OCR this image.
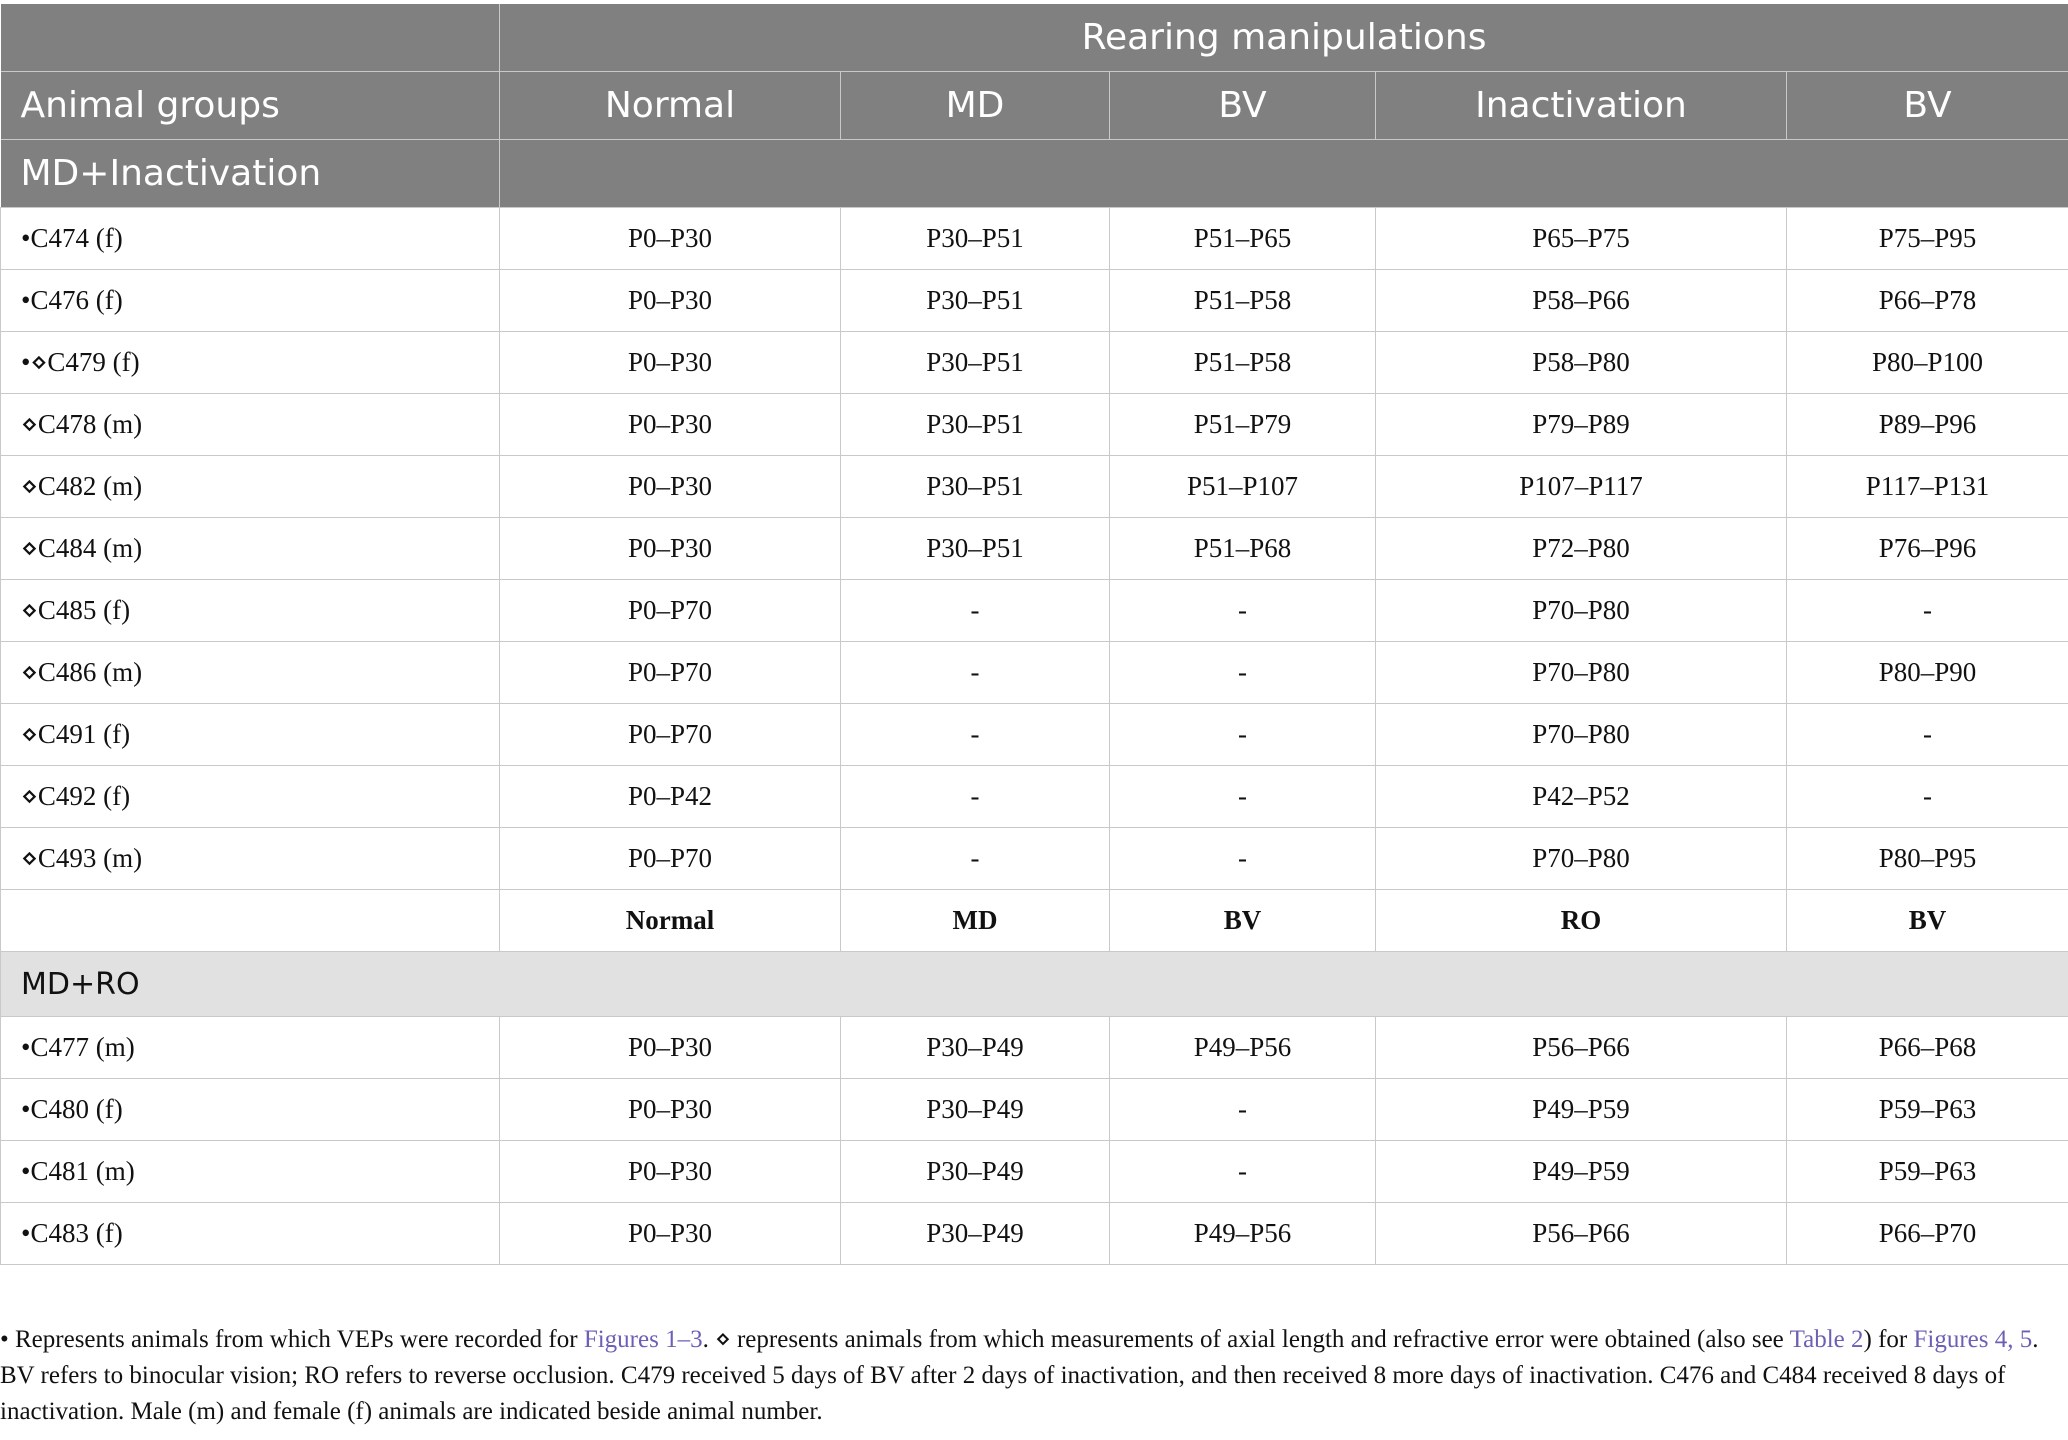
	Rearing manipulations				
Animal groups	Normal	MD	BV	Inactivation	BV
MD+Inactivation					
•C474 (f)	P0–P30	P30–P51	P51–P65	P65–P75	P75–P95
•C476 (f)	P0–P30	P30–P51	P51–P58	P58–P66	P66–P78
•⋄C479 (f)	P0–P30	P30–P51	P51–P58	P58–P80	P80–P100
⋄C478 (m)	P0–P30	P30–P51	P51–P79	P79–P89	P89–P96
⋄C482 (m)	P0–P30	P30–P51	P51–P107	P107–P117	P117–P131
⋄C484 (m)	P0–P30	P30–P51	P51–P68	P72–P80	P76–P96
⋄C485 (f)	P0–P70	-	-	P70–P80	-
⋄C486 (m)	P0–P70	-	-	P70–P80	P80–P90
⋄C491 (f)	P0–P70	-	-	P70–P80	-
⋄C492 (f)	P0–P42	-	-	P42–P52	-
⋄C493 (m)	P0–P70	-	-	P70–P80	P80–P95
	Normal	MD	BV	RO	BV
MD+RO					
•C477 (m)	P0–P30	P30–P49	P49–P56	P56–P66	P66–P68
•C480 (f)	P0–P30	P30–P49	-	P49–P59	P59–P63
•C481 (m)	P0–P30	P30–P49	-	P49–P59	P59–P63
•C483 (f)	P0–P30	P30–P49	P49–P56	P56–P66	P66–P70
• Represents animals from which VEPs were recorded for Figures 1–3. ⋄ represents animals from which measurements of axial length and refractive error were obtained (also see Table 2) for Figures 4, 5. BV refers to binocular vision; RO refers to reverse occlusion. C479 received 5 days of BV after 2 days of inactivation, and then received 8 more days of inactivation. C476 and C484 received 8 days of inactivation. Male (m) and female (f) animals are indicated beside animal number.
